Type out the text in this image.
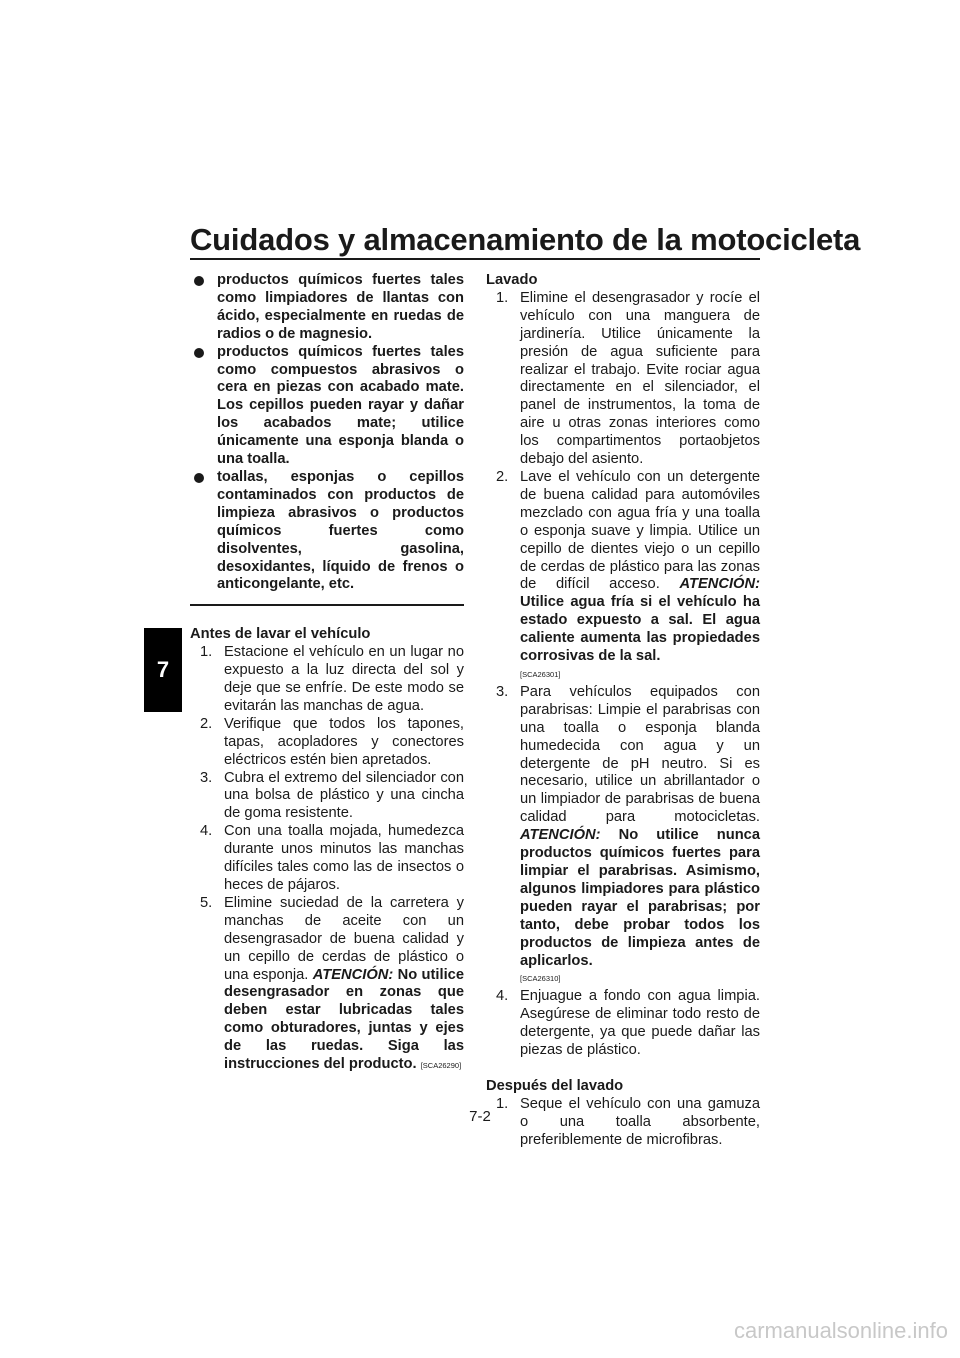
Cuidados y almacenamiento de la motocicleta
7
productos químicos fuertes tales como limpiadores de llantas con ácido, especialmente en ruedas de radios o de magnesio.
productos químicos fuertes tales como compuestos abrasivos o cera en piezas con acabado mate. Los cepillos pueden rayar y dañar los acabados mate; utilice únicamente una esponja blanda o una toalla.
toallas, esponjas o cepillos contaminados con productos de limpieza abrasivos o productos químicos fuertes como disolventes, gasolina, desoxidantes, líquido de frenos o anticongelante, etc.

Antes de lavar el vehículo

1. Estacione el vehículo en un lugar no expuesto a la luz directa del sol y deje que se enfríe. De este modo se evitarán las manchas de agua.
2. Verifique que todos los tapones, tapas, acopladores y conectores eléctricos estén bien apretados.
3. Cubra el extremo del silenciador con una bolsa de plástico y una cincha de goma resistente.
4. Con una toalla mojada, humedezca durante unos minutos las manchas difíciles tales como las de insectos o heces de pájaros.
5. Elimine suciedad de la carretera y manchas de aceite con un desengrasador de buena calidad y un cepillo de cerdas de plástico o una esponja. ATENCIÓN: No utilice desengrasador en zonas que deben estar lubricadas tales como obturadores, juntas y ejes de las ruedas. Siga las instrucciones del producto. [SCA26290]

Lavado

1. Elimine el desengrasador y rocíe el vehículo con una manguera de jardinería. Utilice únicamente la presión de agua suficiente para realizar el trabajo. Evite rociar agua directamente en el silenciador, el panel de instrumentos, la toma de aire u otras zonas interiores como los compartimentos portaobjetos debajo del asiento.
2. Lave el vehículo con un detergente de buena calidad para automóviles mezclado con agua fría y una toalla o esponja suave y limpia. Utilice un cepillo de dientes viejo o un cepillo de cerdas de plástico para las zonas de difícil acceso. ATENCIÓN: Utilice agua fría si el vehículo ha estado expuesto a sal. El agua caliente aumenta las propiedades corrosivas de la sal.
[SCA26301]
3. Para vehículos equipados con parabrisas: Limpie el parabrisas con una toalla o esponja blanda humedecida con agua y un detergente de pH neutro. Si es necesario, utilice un abrillantador o un limpiador de parabrisas de buena calidad para motocicletas. ATENCIÓN: No utilice nunca productos químicos fuertes para limpiar el parabrisas. Asimismo, algunos limpiadores para plástico pueden rayar el parabrisas; por tanto, debe probar todos los productos de limpieza antes de aplicarlos.
[SCA26310]
4. Enjuague a fondo con agua limpia. Asegúrese de eliminar todo resto de detergente, ya que puede dañar las piezas de plástico.

Después del lavado

1. Seque el vehículo con una gamuza o una toalla absorbente, preferiblemente de microfibras.
7-2
carmanualsonline.info
